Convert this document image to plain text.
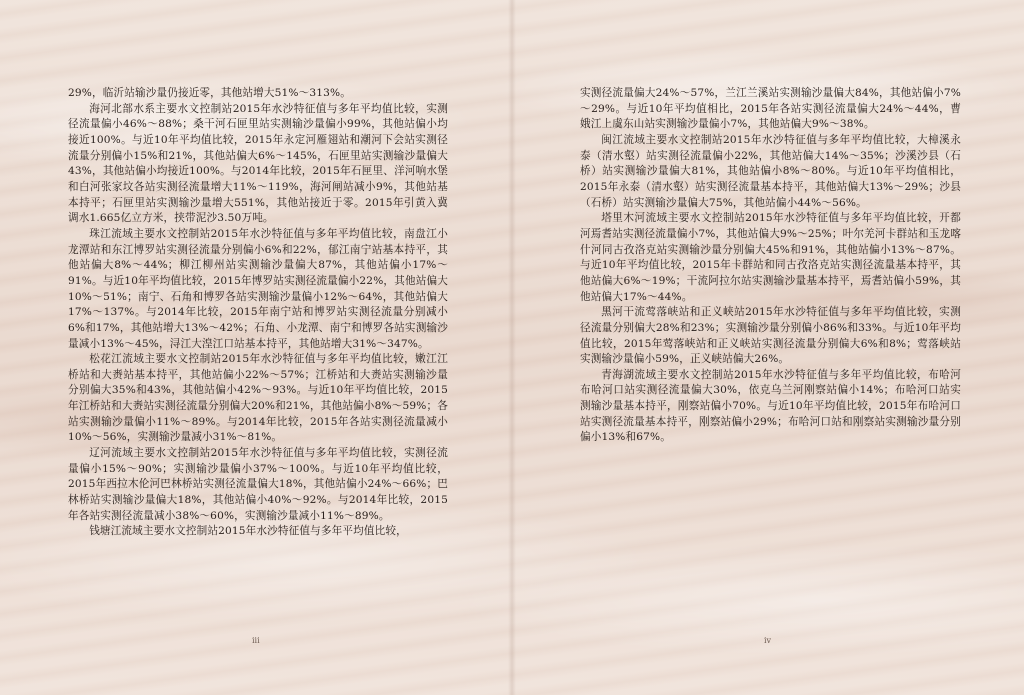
29%，临沂站输沙量仍接近零，其他站增大51%～313%。

海河北部水系主要水文控制站2015年水沙特征值与多年平均值比较，实测径流量偏小46%～88%；桑干河石匣里站实测输沙量偏小99%，其他站偏小均接近100%。与近10年平均值比较，2015年永定河雁翅站和潮河下会站实测径流量分别偏小15%和21%，其他站偏大6%～145%，石匣里站实测输沙量偏大43%，其他站偏小均接近100%。与2014年比较，2015年石匣里、洋河响水堡和白河张家坟各站实测径流量增大11%～119%，海河闸站减小9%，其他站基本持平；石匣里站实测输沙量增大551%，其他站接近于零。2015年引黄入冀调水1.665亿立方米，挟带泥沙3.50万吨。

珠江流域主要水文控制站2015年水沙特征值与多年平均值比较，南盘江小龙潭站和东江博罗站实测径流量分别偏小6%和22%，郁江南宁站基本持平，其他站偏大8%～44%；柳江柳州站实测输沙量偏大87%，其他站偏小17%～91%。与近10年平均值比较，2015年博罗站实测径流量偏小22%，其他站偏大10%～51%；南宁、石角和博罗各站实测输沙量偏小12%～64%，其他站偏大17%～137%。与2014年比较，2015年南宁站和博罗站实测径流量分别减小6%和17%，其他站增大13%～42%；石角、小龙潭、南宁和博罗各站实测输沙量减小13%～45%，浔江大湟江口站基本持平，其他站增大31%～347%。

松花江流域主要水文控制站2015年水沙特征值与多年平均值比较，嫩江江桥站和大赉站基本持平，其他站偏小22%～57%；江桥站和大赉站实测输沙量分别偏大35%和43%，其他站偏小42%～93%。与近10年平均值比较，2015年江桥站和大赉站实测径流量分别偏大20%和21%，其他站偏小8%～59%；各站实测输沙量偏小11%～89%。与2014年比较，2015年各站实测径流量减小10%～56%，实测输沙量减小31%～81%。

辽河流域主要水文控制站2015年水沙特征值与多年平均值比较，实测径流量偏小15%～90%；实测输沙量偏小37%～100%。与近10年平均值比较，2015年西拉木伦河巴林桥站实测径流量偏大18%，其他站偏小24%～66%；巴林桥站实测输沙量偏大18%，其他站偏小40%～92%。与2014年比较，2015年各站实测径流量减小38%～60%，实测输沙量减小11%～89%。

钱塘江流域主要水文控制站2015年水沙特征值与多年平均值比较，

实测径流量偏大24%～57%，兰江兰溪站实测输沙量偏大84%，其他站偏小7%～29%。与近10年平均值相比，2015年各站实测径流量偏大24%～44%，曹娥江上虞东山站实测输沙量偏小7%，其他站偏大9%～38%。

闽江流域主要水文控制站2015年水沙特征值与多年平均值比较，大樟溪永泰（清水壑）站实测径流量偏小22%，其他站偏大14%～35%；沙溪沙县（石桥）站实测输沙量偏大81%，其他站偏小8%～80%。与近10年平均值相比，2015年永泰（清水壑）站实测径流量基本持平，其他站偏大13%～29%；沙县（石桥）站实测输沙量偏大75%，其他站偏小44%～56%。

塔里木河流域主要水文控制站2015年水沙特征值与多年平均值比较，开都河焉耆站实测径流量偏小7%，其他站偏大9%～25%；叶尔羌河卡群站和玉龙喀什河同古孜洛克站实测输沙量分别偏大45%和91%，其他站偏小13%～87%。与近10年平均值比较，2015年卡群站和同古孜洛克站实测径流量基本持平，其他站偏大6%～19%；干流阿拉尔站实测输沙量基本持平，焉耆站偏小59%，其他站偏大17%～44%。

黑河干流莺落峡站和正义峡站2015年水沙特征值与多年平均值比较，实测径流量分别偏大28%和23%；实测输沙量分别偏小86%和33%。与近10年平均值比较，2015年莺落峡站和正义峡站实测径流量分别偏大6%和8%；莺落峡站实测输沙量偏小59%，正义峡站偏大26%。

青海湖流域主要水文控制站2015年水沙特征值与多年平均值比较，布哈河布哈河口站实测径流量偏大30%，依克乌兰河刚察站偏小14%；布哈河口站实测输沙量基本持平，刚察站偏小70%。与近10年平均值比较，2015年布哈河口站实测径流量基本持平，刚察站偏小29%；布哈河口站和刚察站实测输沙量分别偏小13%和67%。

iii	iv
